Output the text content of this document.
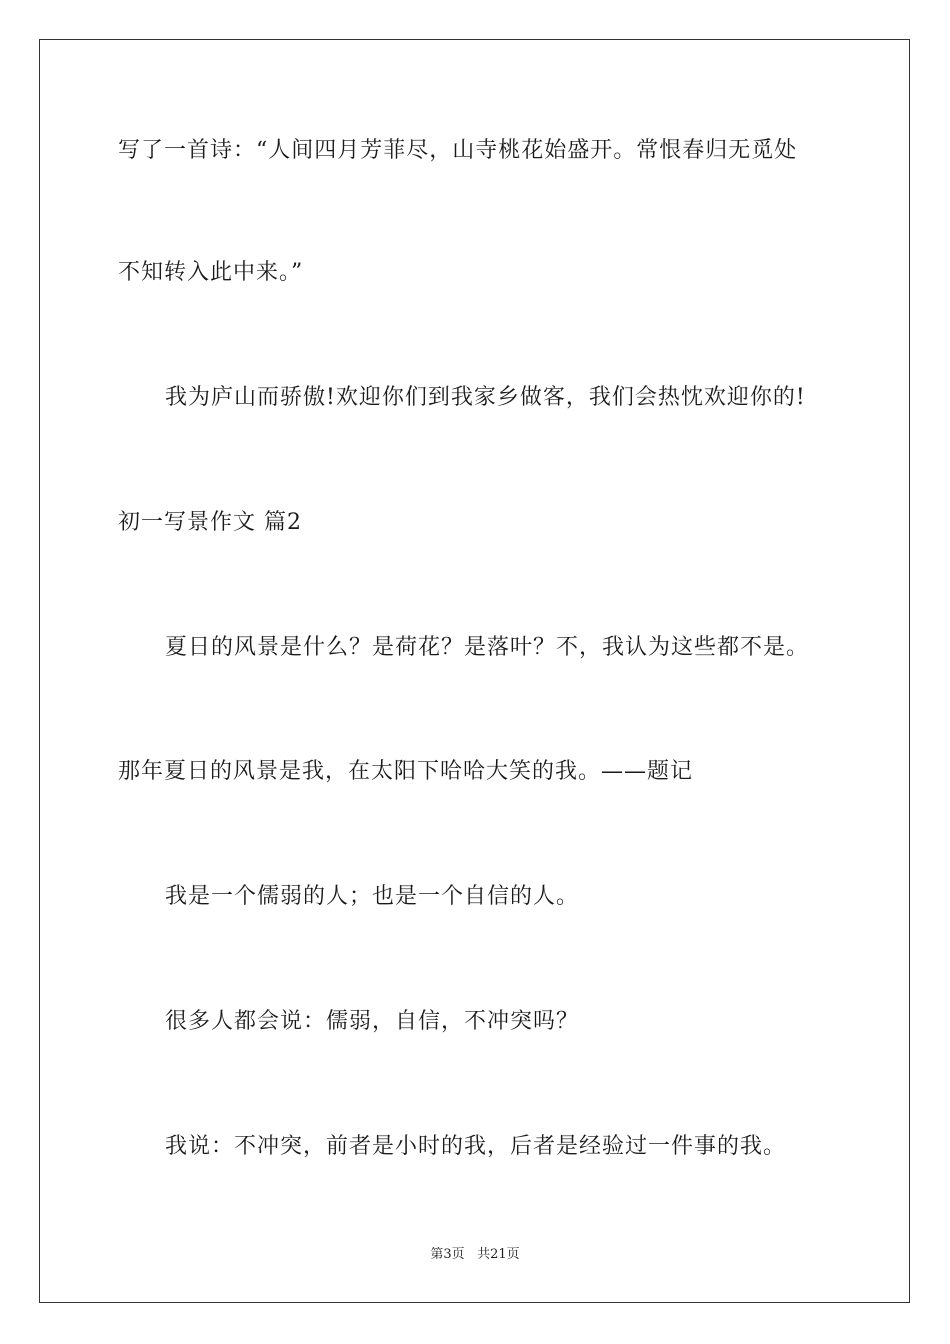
写了一首诗：“人间四月芳菲尽，山寺桃花始盛开。常恨春归无觅处
不知转入此中来。”
我为庐山而骄傲!欢迎你们到我家乡做客，我们会热忱欢迎你的!
初一写景作文 篇2
夏日的风景是什么？是荷花？是落叶？不，我认为这些都不是。
那年夏日的风景是我，在太阳下哈哈大笑的我。——题记
我是一个儒弱的人；也是一个自信的人。
很多人都会说：儒弱，自信，不冲突吗？
我说：不冲突，前者是小时的我，后者是经验过一件事的我。
第3页 共21页
